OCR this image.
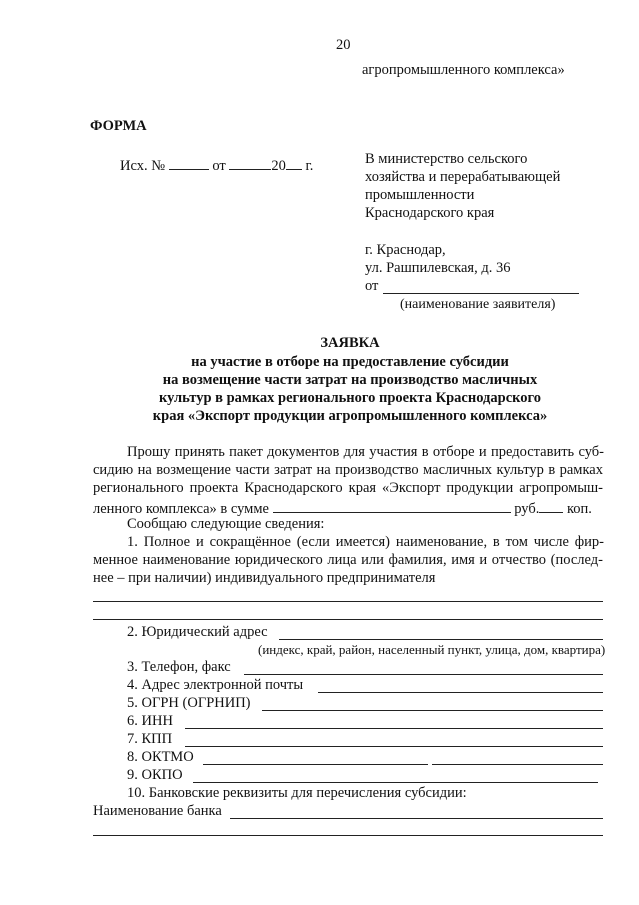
20
агропромышленного комплекса»
ФОРМА
Исх. №	от	20 г.	В министерство сельского
хозяйства и перерабатывающей
промышленности
Краснодарского края
г. Краснодар,
ул. Рашпилевская, д. 36
от
(наименование заявителя)
ЗАЯВКА
на участие в отборе на предоставление субсидии
на возмещение части затрат на производство масличных
культур в рамках регионального проекта Краснодарского
края «Экспорт продукции агропромышленного комплекса»
Прошу принять пакет документов для участия в отборе и предоставить суб-
сидию на возмещение части затрат на производство масличных культур в рамках
регионального проекта Краснодарского края «Экспорт продукции агропромыш-
ленного комплекса» в сумме	руб. коп.
Сообщаю следующие сведения:
1. Полное и сокращённое (если имеется) наименование, в том числе фир-
менное наименование юридического лица или фамилия, имя и отчество (послед-
нее – при наличии) индивидуального предпринимателя
2. Юридический адрес
(индекс, край, район, населенный пункт, улица, дом, квартира)
3. Телефон, факс
4. Адрес электронной почты
5. ОГРН (ОГРНИП)
6. ИНН
7. КПП
8. ОКТМО
9. ОКПО
10. Банковские реквизиты для перечисления субсидии:
Наименование банка
